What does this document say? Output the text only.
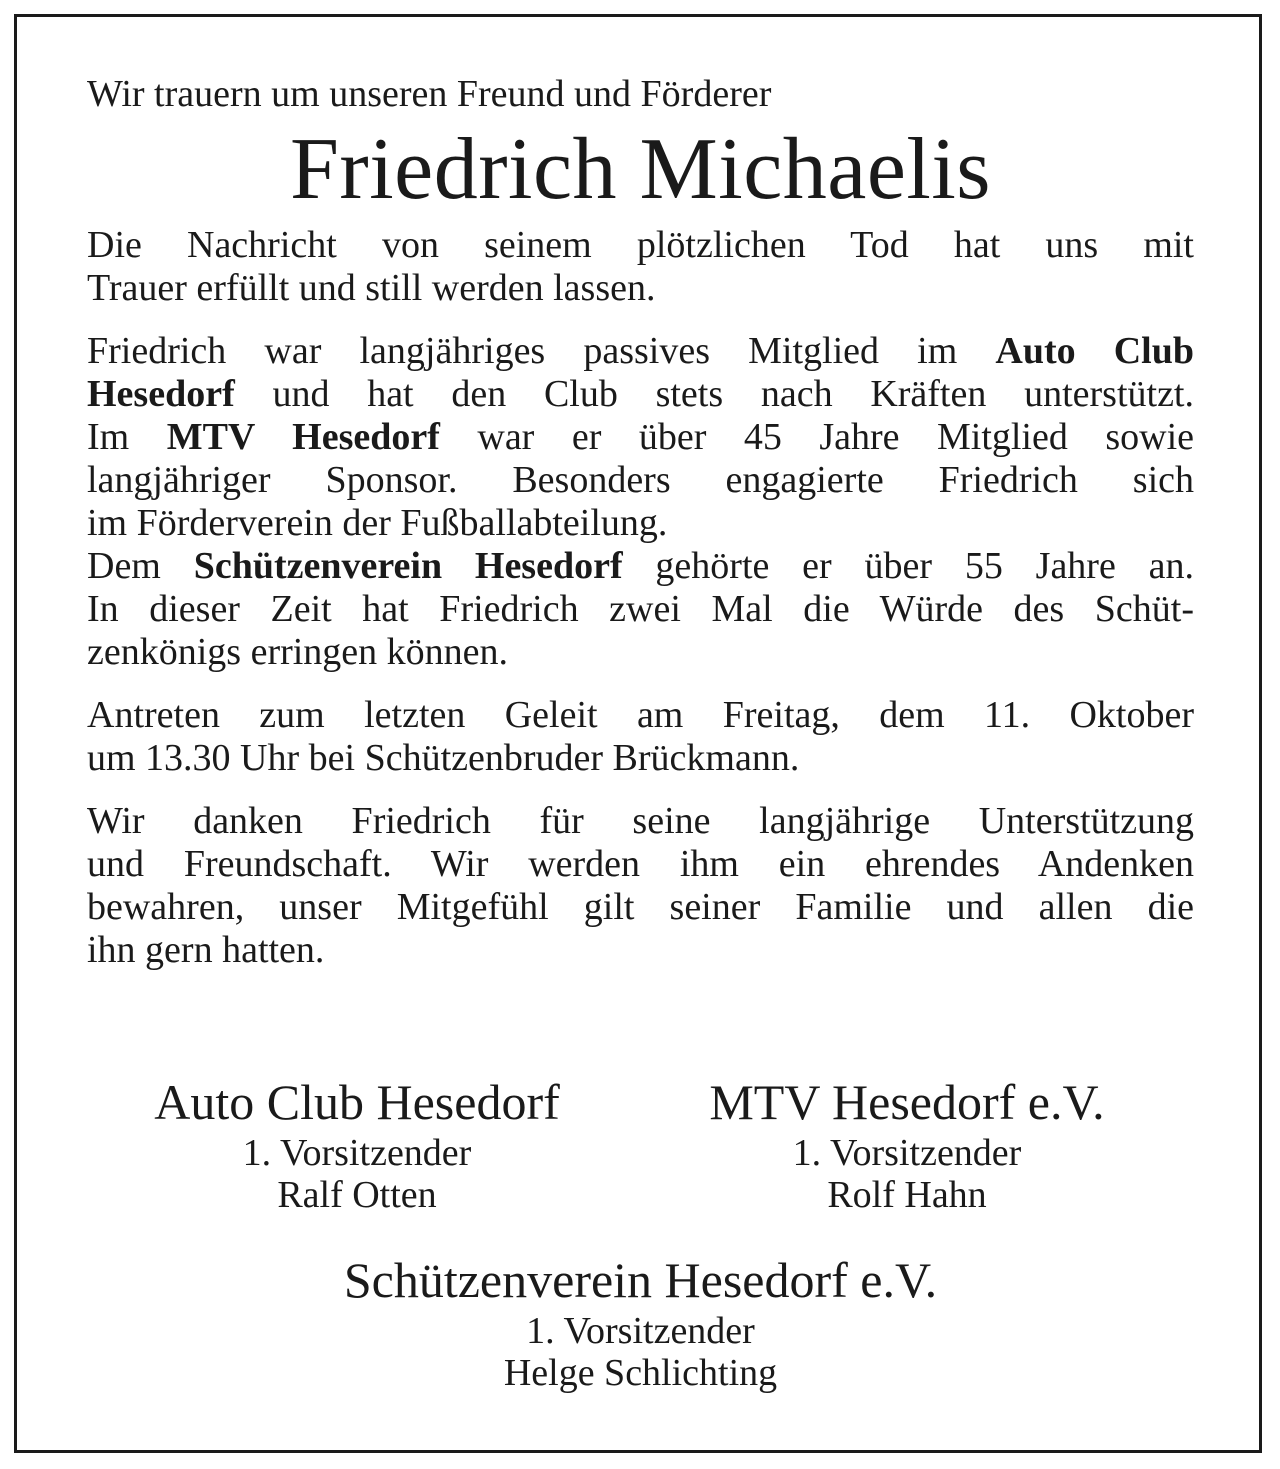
Wir trauern um unseren Freund und Förderer

Friedrich Michaelis

Die Nachricht von seinem plötzlichen Tod hat uns mit
Trauer erfüllt und still werden lassen.

Friedrich war langjähriges passives Mitglied im Auto Club
Hesedorf und hat den Club stets nach Kräften unterstützt.
Im MTV Hesedorf war er über 45 Jahre Mitglied sowie
langjähriger Sponsor. Besonders engagierte Friedrich sich
im Förderverein der Fußballabteilung.
Dem Schützenverein Hesedorf gehörte er über 55 Jahre an.
In dieser Zeit hat Friedrich zwei Mal die Würde des Schüt-
zenkönigs erringen können.

Antreten zum letzten Geleit am Freitag, dem 11. Oktober
um 13.30 Uhr bei Schützenbruder Brückmann.

Wir danken Friedrich für seine langjährige Unterstützung
und Freundschaft. Wir werden ihm ein ehrendes Andenken
bewahren, unser Mitgefühl gilt seiner Familie und allen die
ihn gern hatten.

Auto Club Hesedorf

1. Vorsitzender

Ralf Otten

MTV Hesedorf e.V.

1. Vorsitzender

Rolf Hahn

Schützenverein Hesedorf e.V.

1. Vorsitzender

Helge Schlichting
